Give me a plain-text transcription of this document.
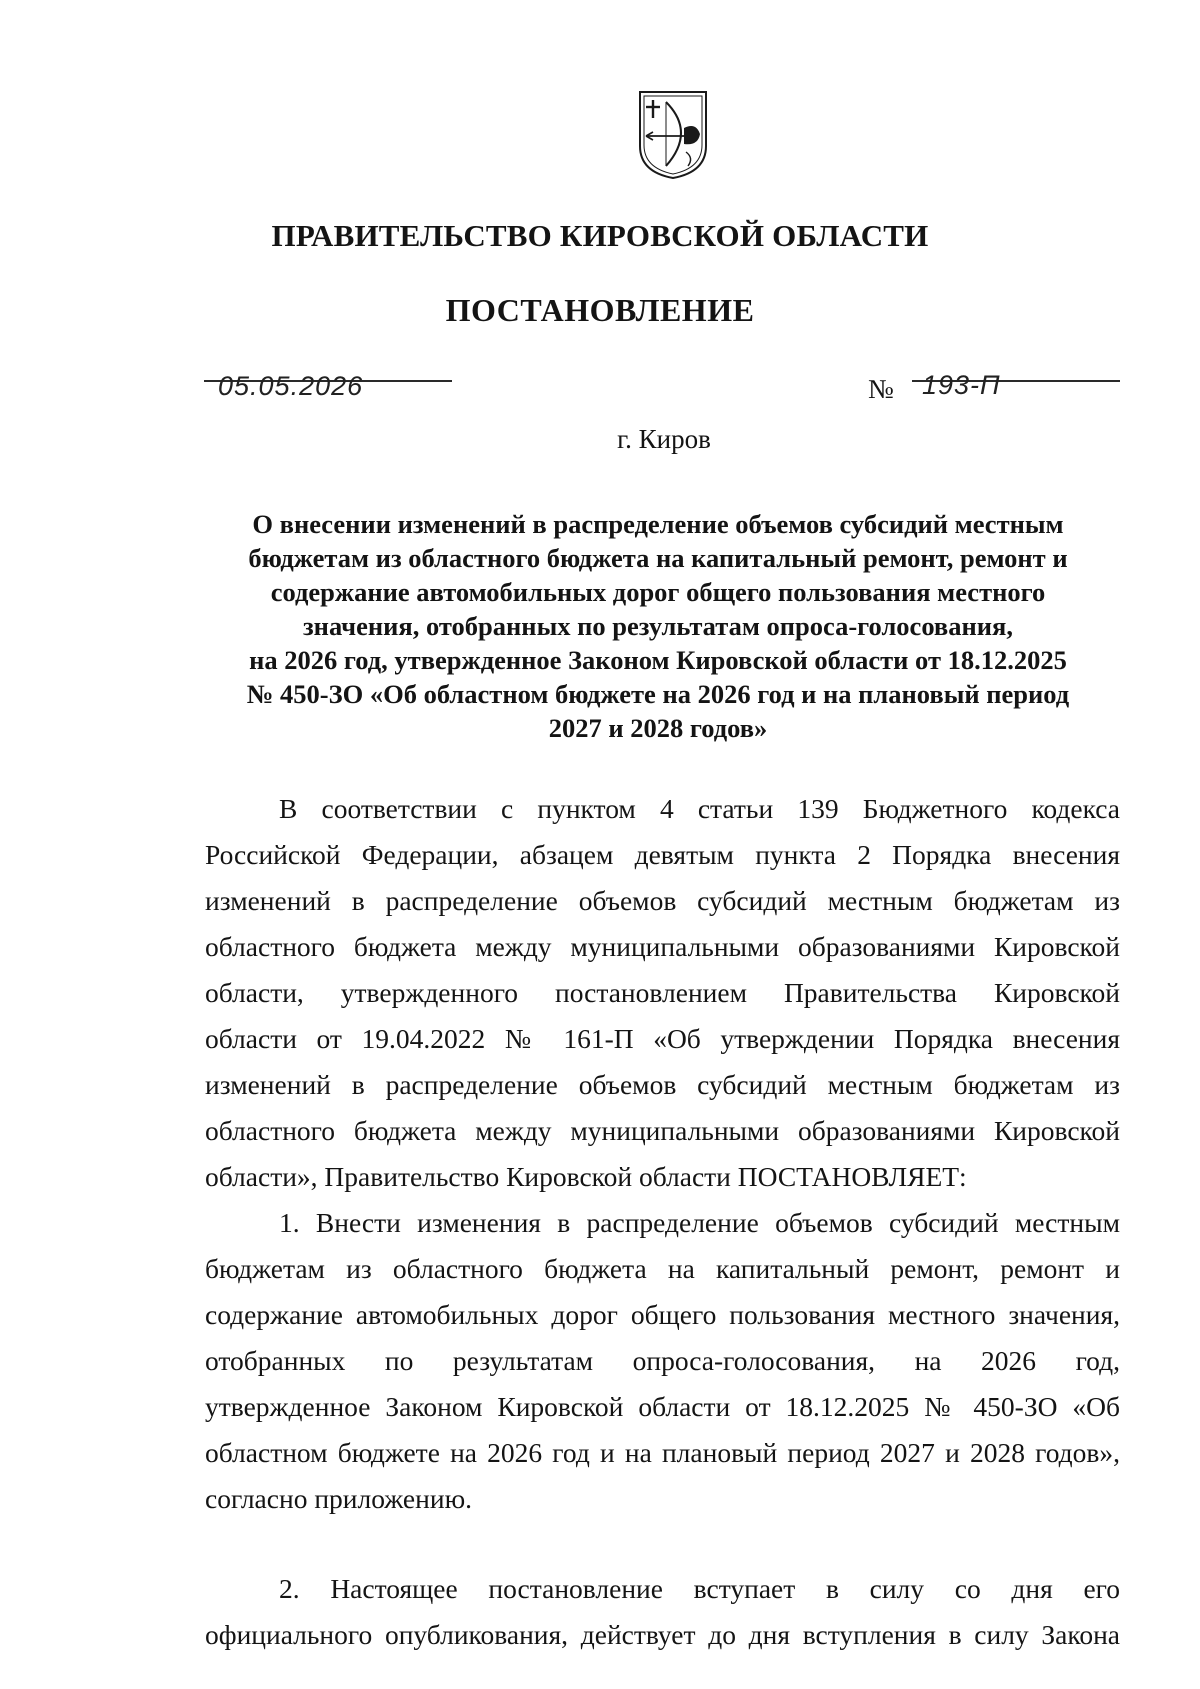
ПРАВИТЕЛЬСТВО КИРОВСКОЙ ОБЛАСТИ
ПОСТАНОВЛЕНИЕ
05.05.2026	№ 193-П
г. Киров
О внесении изменений в распределение объемов субсидий местным
бюджетам из областного бюджета на капитальный ремонт, ремонт и
содержание автомобильных дорог общего пользования местного
значения, отобранных по результатам опроса-голосования,
на 2026 год, утвержденное Законом Кировской области от 18.12.2025
№ 450-ЗО «Об областном бюджете на 2026 год и на плановый период
2027 и 2028 годов»
В соответствии с пунктом 4 статьи 139 Бюджетного кодекса
Российской Федерации, абзацем девятым пункта 2 Порядка внесения
изменений в распределение объемов субсидий местным бюджетам из
областного бюджета между муниципальными образованиями Кировской
области, утвержденного постановлением Правительства Кировской
области от 19.04.2022 № 161-П «Об утверждении Порядка внесения
изменений в распределение объемов субсидий местным бюджетам из
областного бюджета между муниципальными образованиями Кировской
области», Правительство Кировской области ПОСТАНОВЛЯЕТ:
1. Внести изменения в распределение объемов субсидий местным
бюджетам из областного бюджета на капитальный ремонт, ремонт и
содержание автомобильных дорог общего пользования местного значения,
отобранных по результатам опроса-голосования, на 2026 год,
утвержденное Законом Кировской области от 18.12.2025 № 450-ЗО «Об
областном бюджете на 2026 год и на плановый период 2027 и 2028 годов»,
согласно приложению.
2. Настоящее постановление вступает в силу со дня его
официального опубликования, действует до дня вступления в силу Закона
